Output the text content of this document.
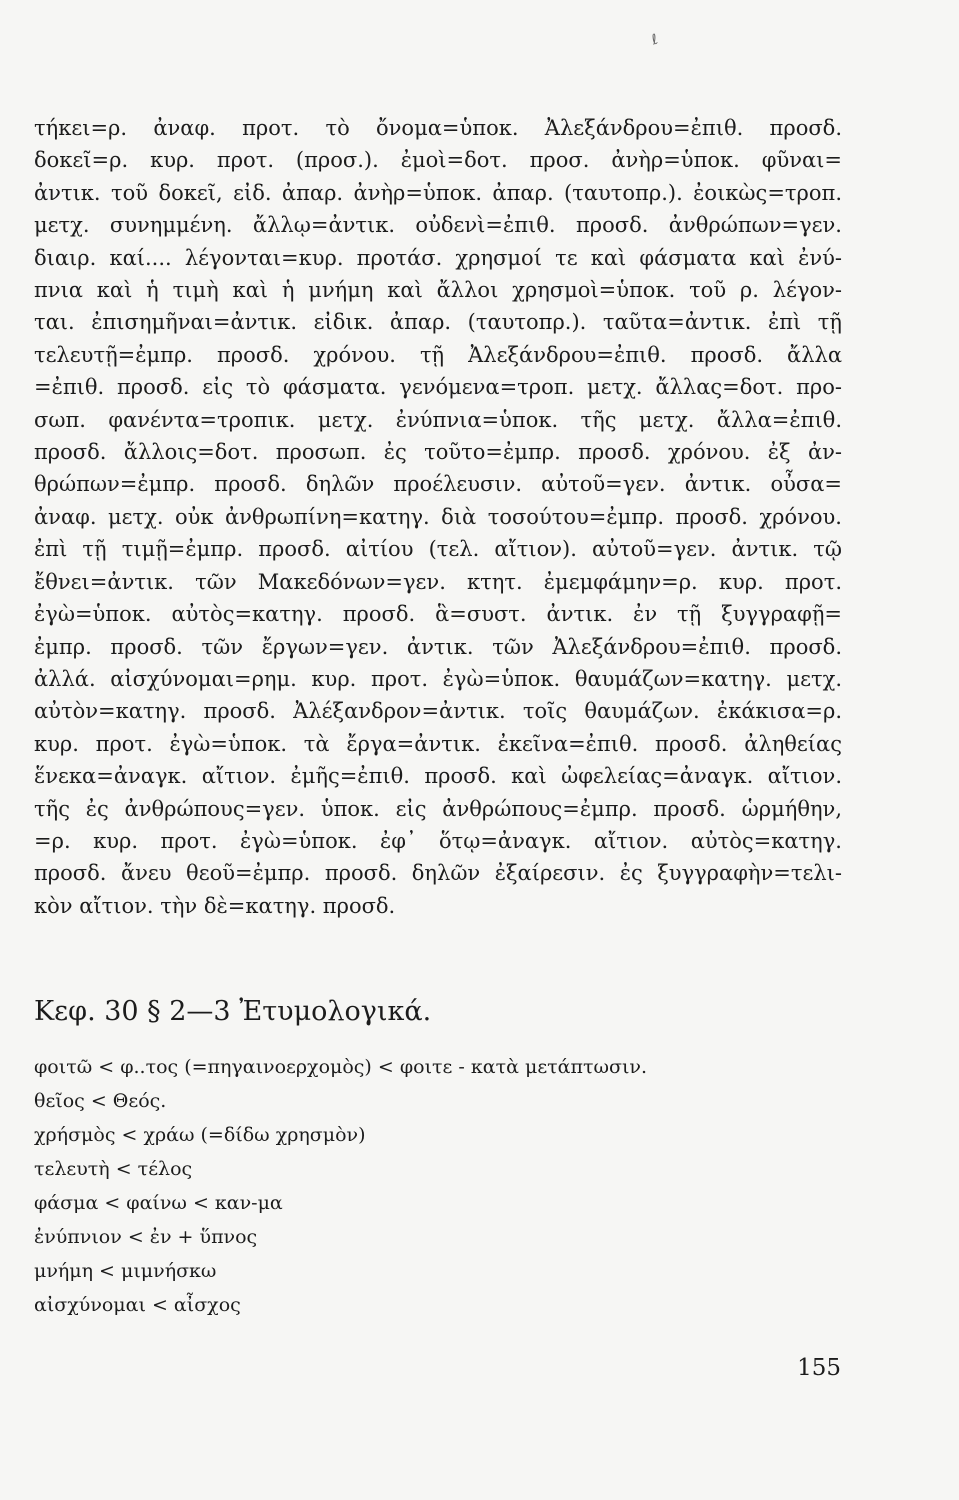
ℓ
τήκει=ρ. ἀναφ. προτ. τὸ ὄνομα=ὑποκ. Ἀλεξάνδρου=ἐπιθ. προσδ.
δοκεῖ=ρ. κυρ. προτ. (προσ.). ἐμοὶ=δοτ. προσ. ἀνὴρ=ὑποκ. φῦναι=
ἀντικ. τοῦ δοκεῖ, εἰδ. ἀπαρ. ἀνὴρ=ὑποκ. ἀπαρ. (ταυτοπρ.). ἐοικὼς=τροπ.
μετχ. συνημμένη. ἄλλῳ=ἀντικ. οὐδενὶ=ἐπιθ. προσδ. ἀνθρώπων=γεν.
διαιρ. καί.... λέγονται=κυρ. προτάσ. χρησμοί τε καὶ φάσματα καὶ ἐνύ-
πνια καὶ ἡ τιμὴ καὶ ἡ μνήμη καὶ ἄλλοι χρησμοὶ=ὑποκ. τοῦ ρ. λέγον-
ται. ἐπισημῆναι=ἀντικ. εἰδικ. ἀπαρ. (ταυτοπρ.). ταῦτα=ἀντικ. ἐπὶ τῇ
τελευτῇ=ἐμπρ. προσδ. χρόνου. τῇ Ἀλεξάνδρου=ἐπιθ. προσδ. ἄλλα
=ἐπιθ. προσδ. εἰς τὸ φάσματα. γενόμενα=τροπ. μετχ. ἄλλας=δοτ. προ-
σωπ. φανέντα=τροπικ. μετχ. ἐνύπνια=ὑποκ. τῆς μετχ. ἄλλα=ἐπιθ.
προσδ. ἄλλοις=δοτ. προσωπ. ἐς τοῦτο=ἐμπρ. προσδ. χρόνου. ἐξ ἀν-
θρώπων=ἐμπρ. προσδ. δηλῶν προέλευσιν. αὐτοῦ=γεν. ἀντικ. οὖσα=
ἀναφ. μετχ. οὐκ ἀνθρωπίνη=κατηγ. διὰ τοσούτου=ἐμπρ. προσδ. χρόνου.
ἐπὶ τῇ τιμῇ=ἐμπρ. προσδ. αἰτίου (τελ. αἴτιον). αὐτοῦ=γεν. ἀντικ. τῷ
ἔθνει=ἀντικ. τῶν Μακεδόνων=γεν. κτητ. ἐμεμφάμην=ρ. κυρ. προτ.
ἐγὼ=ὑποκ. αὐτὸς=κατηγ. προσδ. ἃ=συστ. ἀντικ. ἐν τῇ ξυγγραφῇ=
ἐμπρ. προσδ. τῶν ἔργων=γεν. ἀντικ. τῶν Ἀλεξάνδρου=ἐπιθ. προσδ.
ἀλλά. αἰσχύνομαι=ρημ. κυρ. προτ. ἐγὼ=ὑποκ. θαυμάζων=κατηγ. μετχ.
αὐτὸν=κατηγ. προσδ. Ἀλέξανδρον=ἀντικ. τοῖς θαυμάζων. ἐκάκισα=ρ.
κυρ. προτ. ἐγὼ=ὑποκ. τὰ ἔργα=ἀντικ. ἐκεῖνα=ἐπιθ. προσδ. ἀληθείας
ἕνεκα=ἀναγκ. αἴτιον. ἐμῆς=ἐπιθ. προσδ. καὶ ὠφελείας=ἀναγκ. αἴτιον.
τῆς ἐς ἀνθρώπους=γεν. ὑποκ. εἰς ἀνθρώπους=ἐμπρ. προσδ. ὡρμήθην,
=ρ. κυρ. προτ. ἐγὼ=ὑποκ. ἐφ᾽ ὅτῳ=ἀναγκ. αἴτιον. αὐτὸς=κατηγ.
προσδ. ἄνευ θεοῦ=ἐμπρ. προσδ. δηλῶν ἐξαίρεσιν. ἐς ξυγγραφὴν=τελι-
κὸν αἴτιον. τὴν δὲ=κατηγ. προσδ.
Κεφ. 30 § 2—3 Ἐτυμολογικά.
φοιτῶ < φ..τος (=πηγαινοερχομὸς) < φοιτε - κατὰ μετάπτωσιν.
θεῖος < Θεός.
χρήσμὸς < χράω (=δίδω χρησμὸν)
τελευτὴ < τέλος
φάσμα < φαίνω < καν-μα
ἐνύπνιον < ἐν + ὕπνος
μνήμη < μιμνήσκω
αἰσχύνομαι < αἶσχος
155
